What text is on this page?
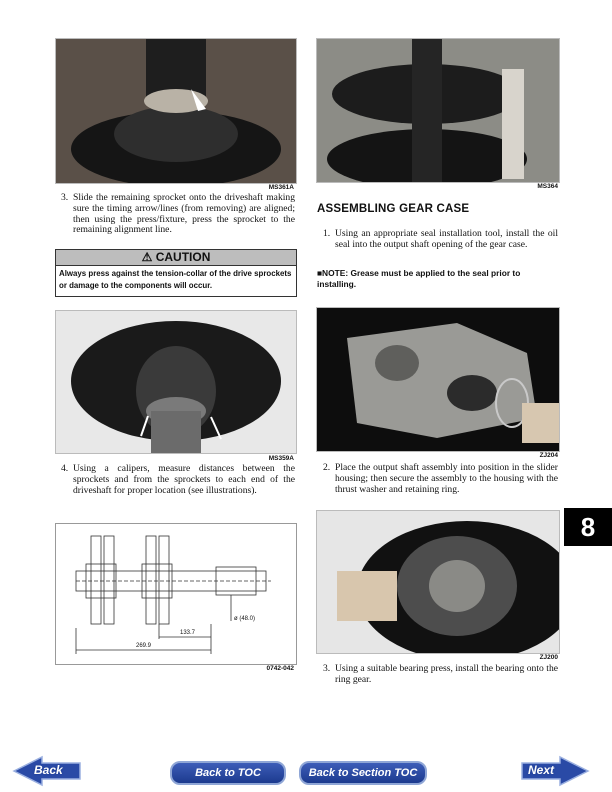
MS361A
3. Slide the remaining sprocket onto the driveshaft making sure the timing arrow/lines (from removing) are aligned; then using the press/fixture, press the sprocket to the remaining alignment line.
⚠ CAUTION
Always press against the tension-collar of the drive sprockets or damage to the components will occur.
MS359A
4. Using a calipers, measure distances between the sprockets and from the sprockets to each end of the driveshaft for proper location (see illustrations).
ø (48.0)
133.7
269.9
0742-042
MS364
ASSEMBLING GEAR CASE
1. Using an appropriate seal installation tool, install the oil seal into the output shaft opening of the gear case.
■NOTE: Grease must be applied to the seal prior to installing.
ZJ204
2. Place the output shaft assembly into position in the slider housing; then secure the assembly to the housing with the thrust washer and retaining ring.
ZJ200
3. Using a suitable bearing press, install the bearing onto the ring gear.
8
Back	Back to TOC	Back to Section TOC	Next
